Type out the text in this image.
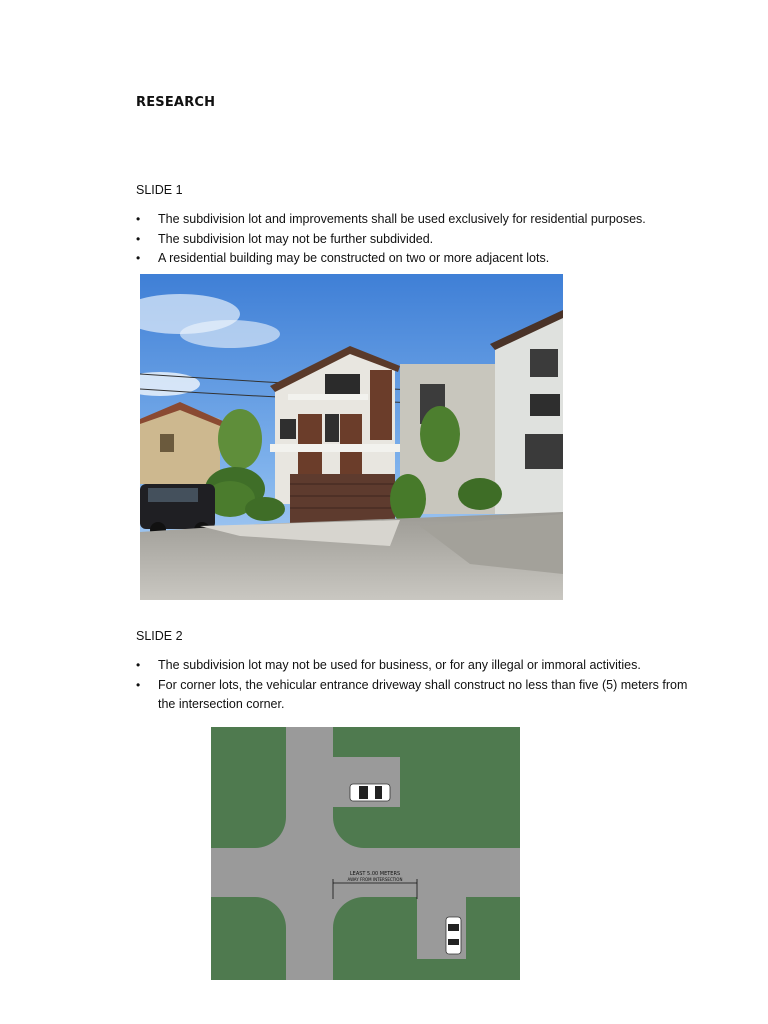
RESEARCH
SLIDE 1
• The subdivision lot and improvements shall be used exclusively for residential purposes.
• The subdivision lot may not be further subdivided.
• A residential building may be constructed on two or more adjacent lots.
SLIDE 2
• The subdivision lot may not be used for business, or for any illegal or immoral activities.
• For corner lots, the vehicular entrance driveway shall construct no less than five (5) meters from the intersection corner.
LEAST 5.00 METERS
AWAY FROM INTERSECTION
